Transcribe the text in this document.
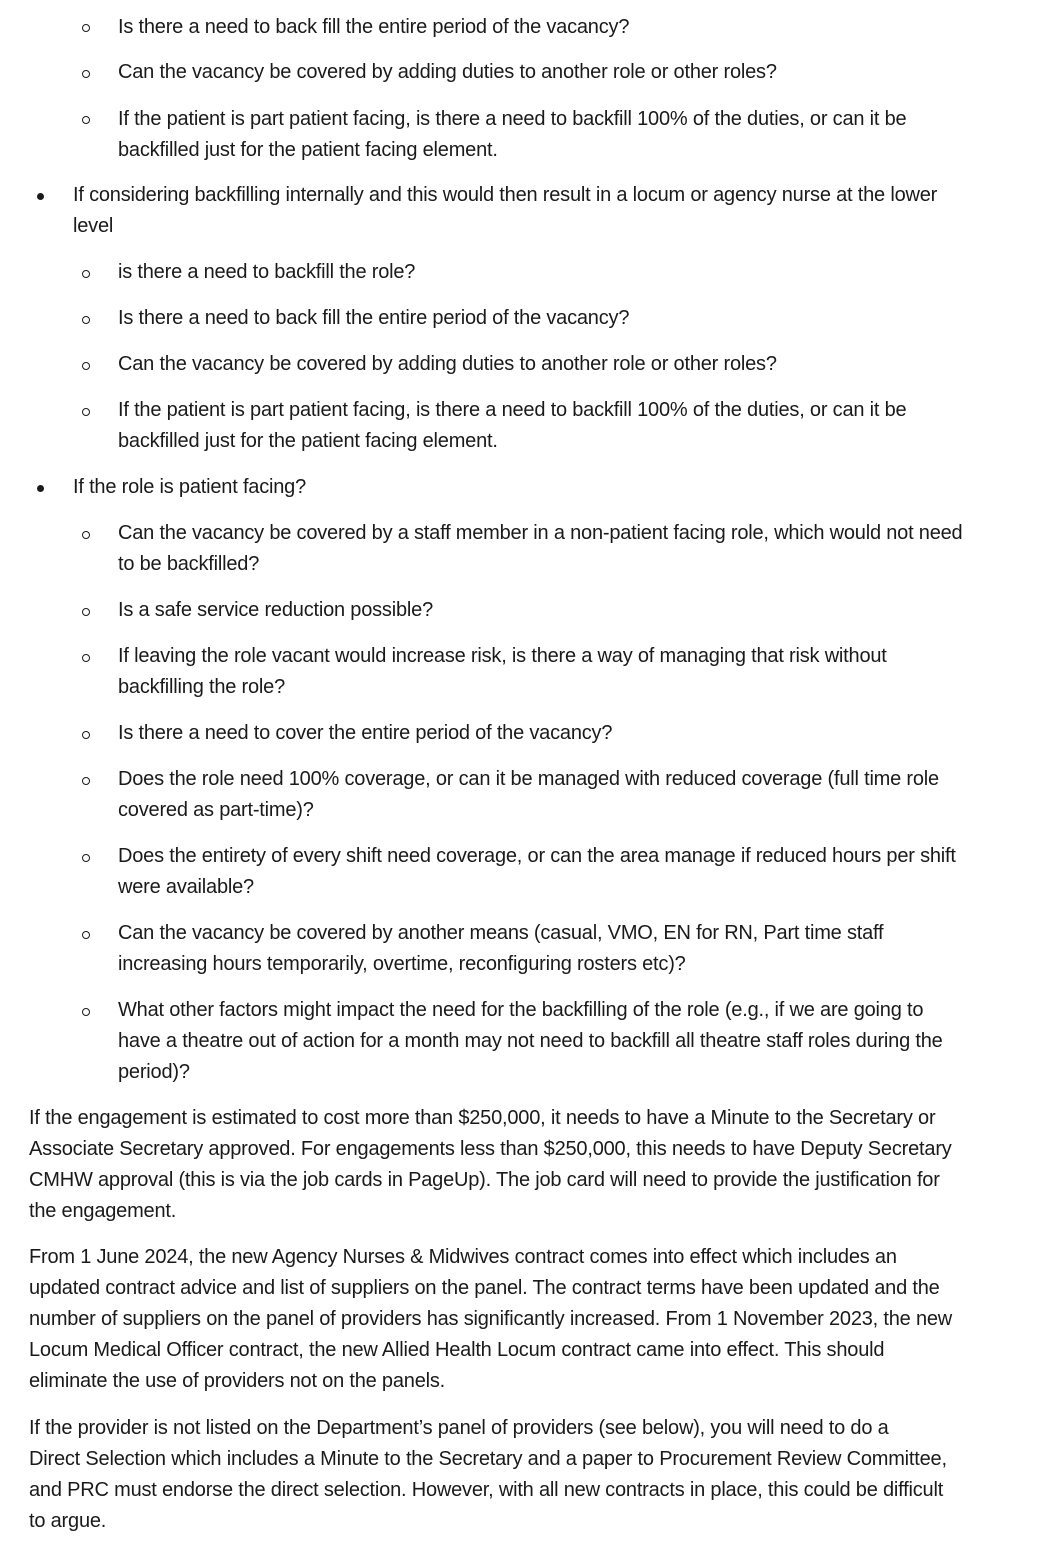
Is there a need to back fill the entire period of the vacancy?
Can the vacancy be covered by adding duties to another role or other roles?
If the patient is part patient facing, is there a need to backfill 100% of the duties, or can it be
backfilled just for the patient facing element.
If considering backfilling internally and this would then result in a locum or agency nurse at the lower
level
is there a need to backfill the role?
Is there a need to back fill the entire period of the vacancy?
Can the vacancy be covered by adding duties to another role or other roles?
If the patient is part patient facing, is there a need to backfill 100% of the duties, or can it be
backfilled just for the patient facing element.
If the role is patient facing?
Can the vacancy be covered by a staff member in a non-patient facing role, which would not need
to be backfilled?
Is a safe service reduction possible?
If leaving the role vacant would increase risk, is there a way of managing that risk without
backfilling the role?
Is there a need to cover the entire period of the vacancy?
Does the role need 100% coverage, or can it be managed with reduced coverage (full time role
covered as part-time)?
Does the entirety of every shift need coverage, or can the area manage if reduced hours per shift
were available?
Can the vacancy be covered by another means (casual, VMO, EN for RN, Part time staff
increasing hours temporarily, overtime, reconfiguring rosters etc)?
What other factors might impact the need for the backfilling of the role (e.g., if we are going to
have a theatre out of action for a month may not need to backfill all theatre staff roles during the
period)?
If the engagement is estimated to cost more than $250,000, it needs to have a Minute to the Secretary or
Associate Secretary approved. For engagements less than $250,000, this needs to have Deputy Secretary
CMHW approval (this is via the job cards in PageUp). The job card will need to provide the justification for
the engagement.
From 1 June 2024, the new Agency Nurses & Midwives contract comes into effect which includes an
updated contract advice and list of suppliers on the panel. The contract terms have been updated and the
number of suppliers on the panel of providers has significantly increased. From 1 November 2023, the new
Locum Medical Officer contract, the new Allied Health Locum contract came into effect. This should
eliminate the use of providers not on the panels.
If the provider is not listed on the Department’s panel of providers (see below), you will need to do a
Direct Selection which includes a Minute to the Secretary and a paper to Procurement Review Committee,
and PRC must endorse the direct selection. However, with all new contracts in place, this could be difficult
to argue.
